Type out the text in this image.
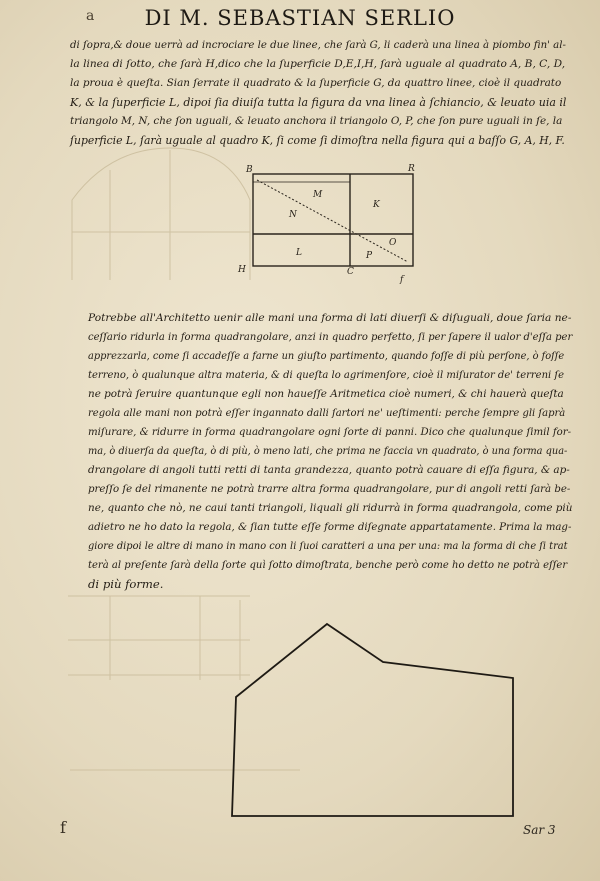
a	DI M. SEBASTIAN SERLIO
di ſopra,& doue uerrà ad incrociare le due linee, che ſarà G, li caderà una linea à piombo fin' al-
la linea di ſotto, che ſarà H,dico che la ſuperficie D,E,I,H, ſarà uguale al quadrato A, B, C, D,
la proua è queſta. Sian ſerrate il quadrato & la ſuperficie G, da quattro linee, cioè il quadrato
K, & la ſuperficie L, dipoi ſia diuiſa tutta la figura da vna linea à ſchiancio, & leuato uia il
triangolo M, N, che ſon uguali, & leuato anchora il triangolo O, P, che ſon pure uguali in ſe, la
ſuperficie L, ſarà uguale al quadro K, ſi come ſi dimoſtra nella figura qui a baſſo G, A, H, F.
B	R
M
N
K
L
O
P
H	C
f
Potrebbe all'Architetto uenir alle mani una forma di lati diuerſi & diſuguali, doue ſaria ne-
ceſſario ridurla in forma quadrangolare, anzi in quadro perfetto, ſi per ſapere il ualor d'eſſa per
apprezzarla, come ſi accadeſſe a farne un giuſto partimento, quando foſſe di più perſone, ò foſſe
terreno, ò qualunque altra materia, & di queſta lo agrimenſore, cioè il miſurator de' terreni ſe
ne potrà ſeruire quantunque egli non haueſſe Aritmetica cioè numeri, & chi hauerà queſta
regola alle mani non potrà eſſer ingannato dalli ſartori ne' ueſtimenti: perche ſempre gli ſaprà
miſurare, & ridurre in forma quadrangolare ogni ſorte di panni. Dico che qualunque ſimil for-
ma, ò diuerſa da queſta, ò di più, ò meno lati, che prima ne faccia vn quadrato, ò una forma qua-
drangolare di angoli tutti retti di tanta grandezza, quanto potrà cauare di eſſa figura, & ap-
preſſo ſe del rimanente ne potrà trarre altra forma quadrangolare, pur di angoli retti ſarà be-
ne, quanto che nò, ne caui tanti triangoli, liquali gli ridurrà in forma quadrangola, come più
adietro ne ho dato la regola, & ſian tutte eſſe forme diſegnate appartatamente. Prima la mag-
giore dipoi le altre di mano in mano con li ſuoi caratteri a una per una: ma la forma di che ſi trat
terà al preſente ſarà della ſorte quì ſotto dimoſtrata, benche però come ho detto ne potrà eſſer
di più forme.
f	Sar 3
